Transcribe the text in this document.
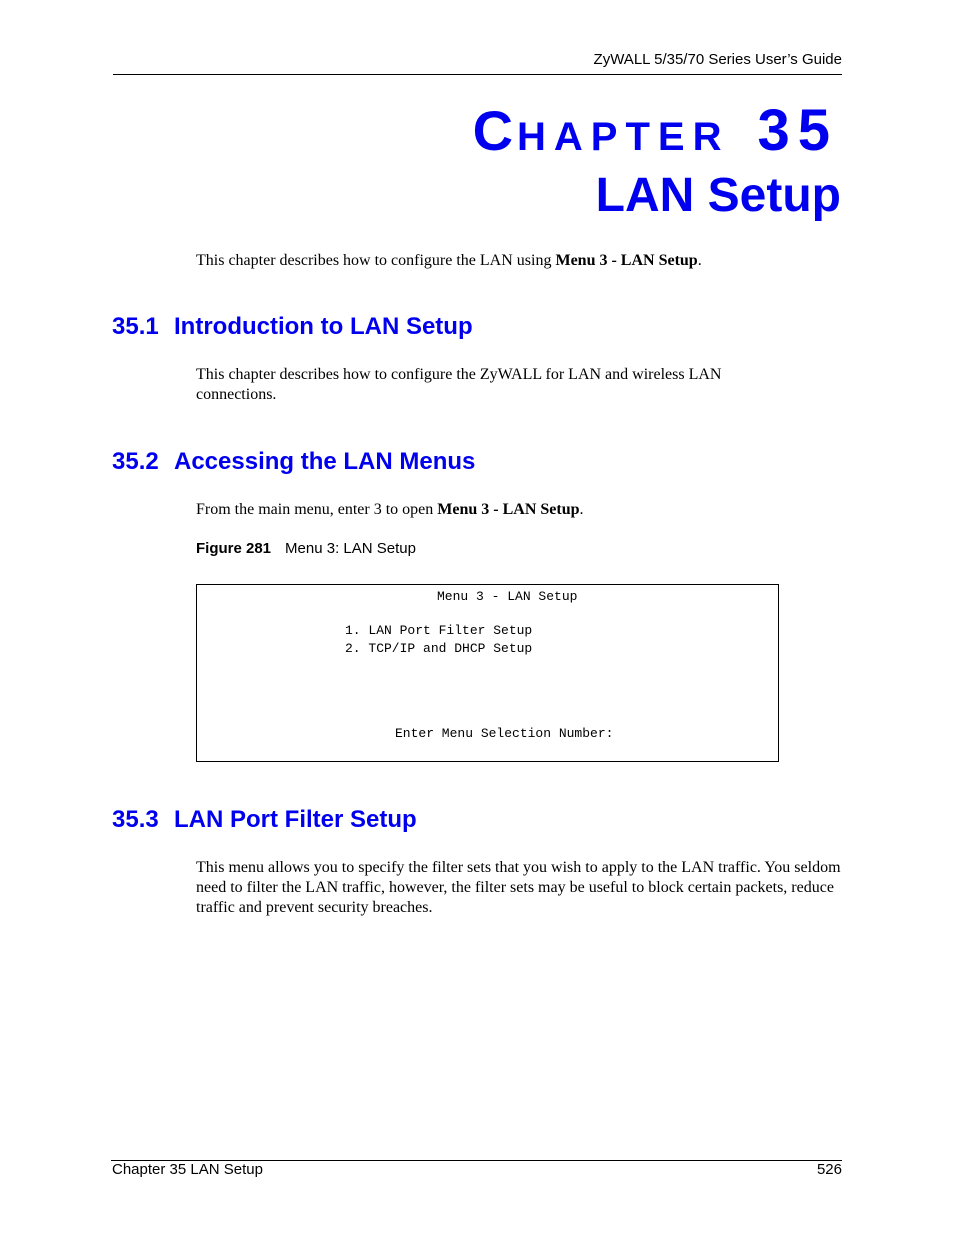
ZyWALL 5/35/70 Series User’s Guide
CHAPTER 35
LAN Setup
This chapter describes how to configure the LAN using Menu 3 - LAN Setup.
35.1 Introduction to LAN Setup
This chapter describes how to configure the ZyWALL for LAN and wireless LAN connections.
35.2 Accessing the LAN Menus
From the main menu, enter 3 to open Menu 3 - LAN Setup.
Figure 281 Menu 3: LAN Setup
Menu 3 - LAN Setup
1. LAN Port Filter Setup
2. TCP/IP and DHCP Setup
Enter Menu Selection Number:
35.3 LAN Port Filter Setup
This menu allows you to specify the filter sets that you wish to apply to the LAN traffic. You seldom need to filter the LAN traffic, however, the filter sets may be useful to block certain packets, reduce traffic and prevent security breaches.
Chapter 35 LAN Setup	526
